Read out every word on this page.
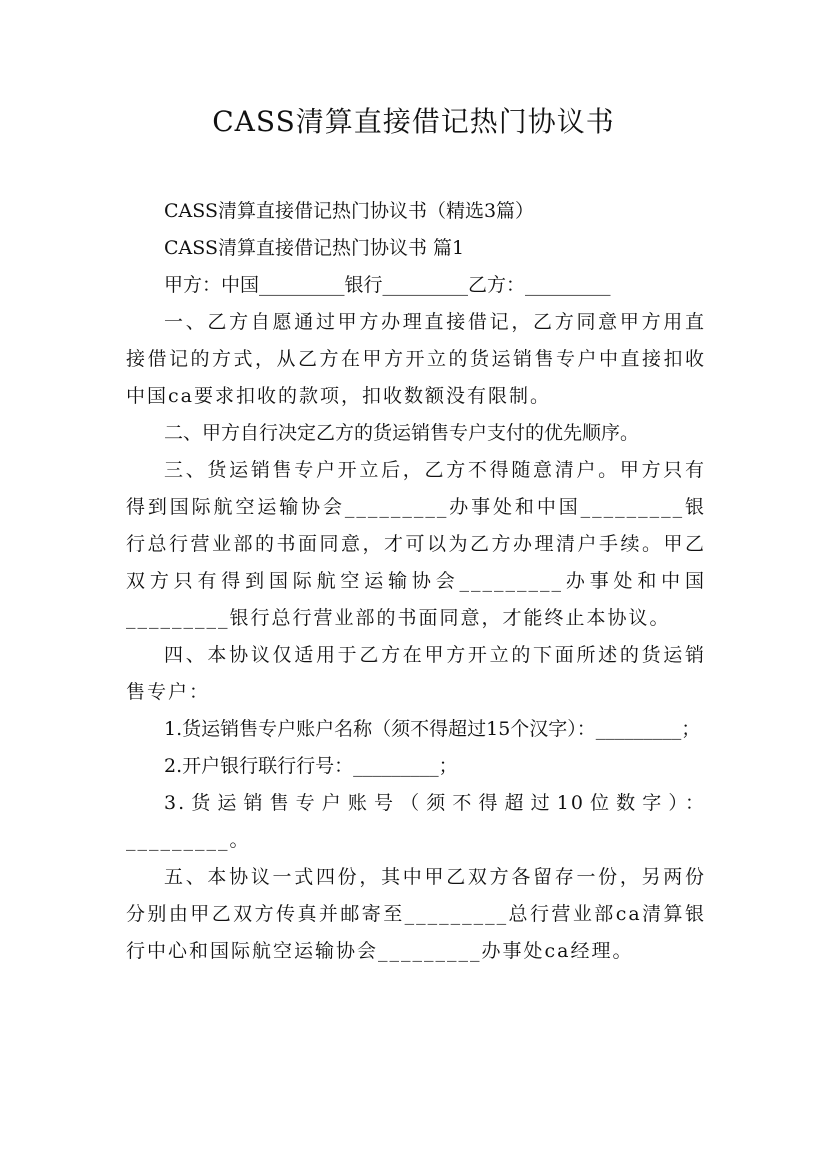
CASS清算直接借记热门协议书

CASS清算直接借记热门协议书（精选3篇）

CASS清算直接借记热门协议书 篇1

甲方：中国_________银行_________乙方：_________

一、乙方自愿通过甲方办理直接借记，乙方同意甲方用直接借记的方式，从乙方在甲方开立的货运销售专户中直接扣收中国ca要求扣收的款项，扣收数额没有限制。

二、甲方自行决定乙方的货运销售专户支付的优先顺序。

三、货运销售专户开立后，乙方不得随意清户。甲方只有得到国际航空运输协会_________办事处和中国_________银行总行营业部的书面同意，才可以为乙方办理清户手续。甲乙双方只有得到国际航空运输协会_________办事处和中国_________银行总行营业部的书面同意，才能终止本协议。

四、本协议仅适用于乙方在甲方开立的下面所述的货运销售专户：

1.货运销售专户账户名称（须不得超过15个汉字）：_________；

2.开户银行联行行号：_________；

3.货运销售专户账号（须不得超过10位数字）：_________。

五、本协议一式四份，其中甲乙双方各留存一份，另两份分别由甲乙双方传真并邮寄至_________总行营业部ca清算银行中心和国际航空运输协会_________办事处ca经理。
